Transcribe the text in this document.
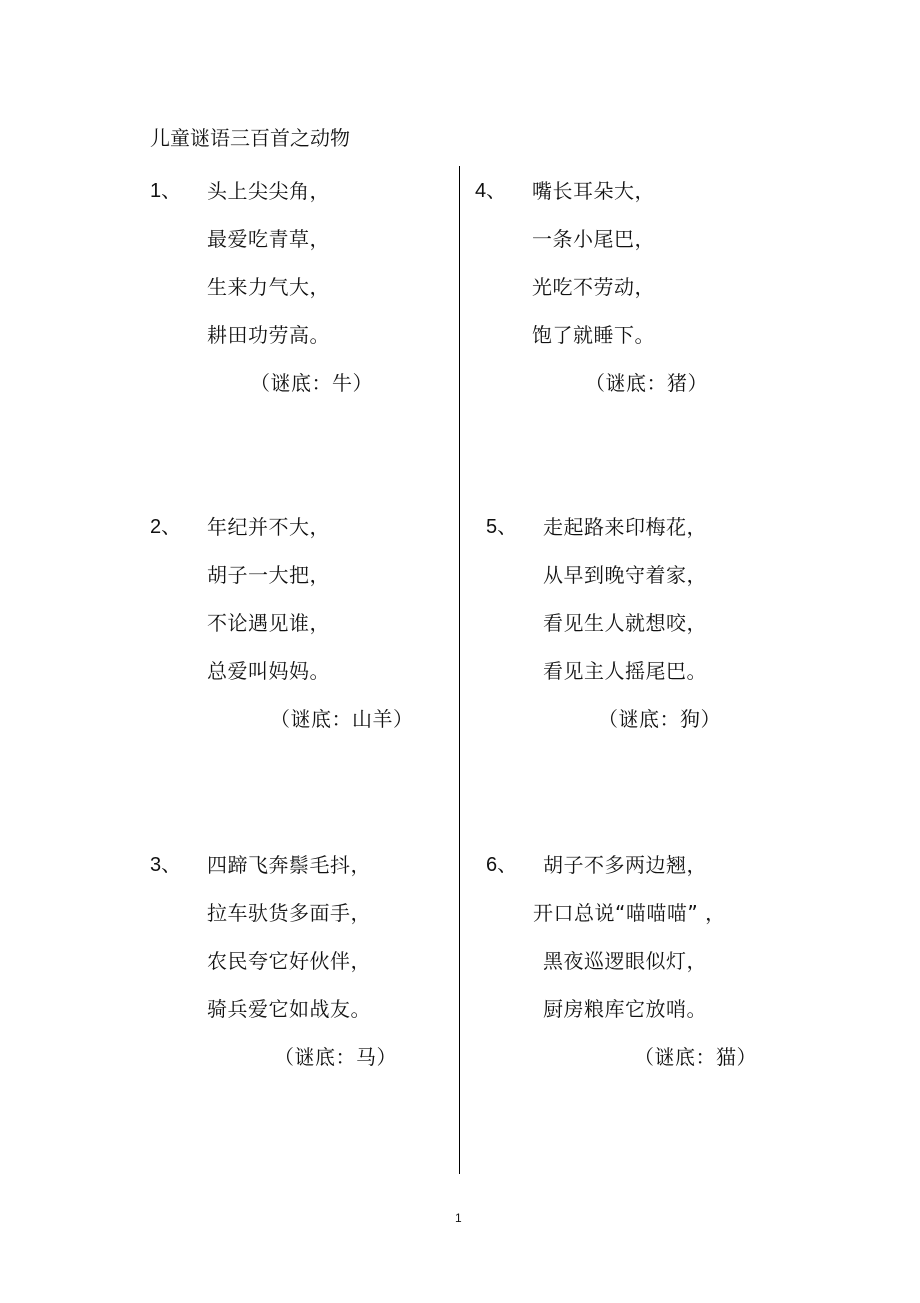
儿童谜语三百首之动物
1、 头上尖尖角，
最爱吃青草，
生来力气大，
耕田功劳高。
（谜底：牛）
2、 年纪并不大，
胡子一大把，
不论遇见谁，
总爱叫妈妈。
（谜底：山羊）
3、 四蹄飞奔鬃毛抖，
拉车驮货多面手，
农民夸它好伙伴，
骑兵爱它如战友。
（谜底：马）
4、 嘴长耳朵大，
一条小尾巴，
光吃不劳动，
饱了就睡下。
（谜底：猪）
5、 走起路来印梅花，
从早到晚守着家，
看见生人就想咬，
看见主人摇尾巴。
（谜底：狗）
6、	胡子不多两边翘，
开口总说“喵喵喵” ，
黑夜巡逻眼似灯，
厨房粮库它放哨。
（谜底：猫）
1
